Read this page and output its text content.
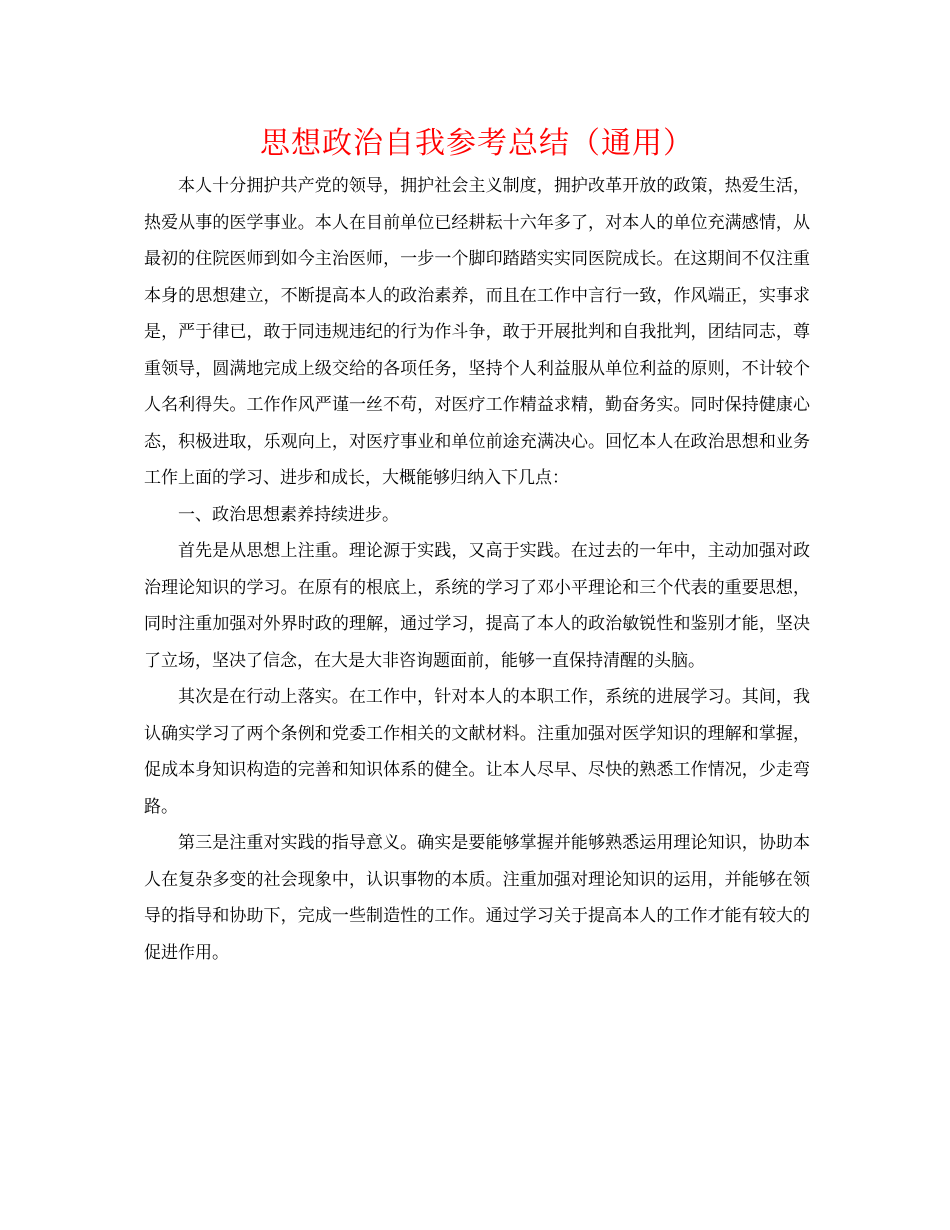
思想政治自我参考总结（通用）

本人十分拥护共产党的领导，拥护社会主义制度，拥护改革开放的政策，热爱生活，热爱从事的医学事业。本人在目前单位已经耕耘十六年多了，对本人的单位充满感情，从最初的住院医师到如今主治医师，一步一个脚印踏踏实实同医院成长。在这期间不仅注重本身的思想建立，不断提高本人的政治素养，而且在工作中言行一致，作风端正，实事求是，严于律已，敢于同违规违纪的行为作斗争，敢于开展批判和自我批判，团结同志，尊重领导，圆满地完成上级交给的各项任务，坚持个人利益服从单位利益的原则，不计较个人名利得失。工作作风严谨一丝不苟，对医疗工作精益求精，勤奋务实。同时保持健康心态，积极进取，乐观向上，对医疗事业和单位前途充满决心。回忆本人在政治思想和业务工作上面的学习、进步和成长，大概能够归纳入下几点：

一、政治思想素养持续进步。

首先是从思想上注重。理论源于实践，又高于实践。在过去的一年中，主动加强对政治理论知识的学习。在原有的根底上，系统的学习了邓小平理论和三个代表的重要思想，同时注重加强对外界时政的理解，通过学习，提高了本人的政治敏锐性和鉴别才能，坚决了立场，坚决了信念，在大是大非咨询题面前，能够一直保持清醒的头脑。

其次是在行动上落实。在工作中，针对本人的本职工作，系统的进展学习。其间，我认确实学习了两个条例和党委工作相关的文献材料。注重加强对医学知识的理解和掌握，促成本身知识构造的完善和知识体系的健全。让本人尽早、尽快的熟悉工作情况，少走弯路。

第三是注重对实践的指导意义。确实是要能够掌握并能够熟悉运用理论知识，协助本人在复杂多变的社会现象中，认识事物的本质。注重加强对理论知识的运用，并能够在领导的指导和协助下，完成一些制造性的工作。通过学习关于提高本人的工作才能有较大的促进作用。
